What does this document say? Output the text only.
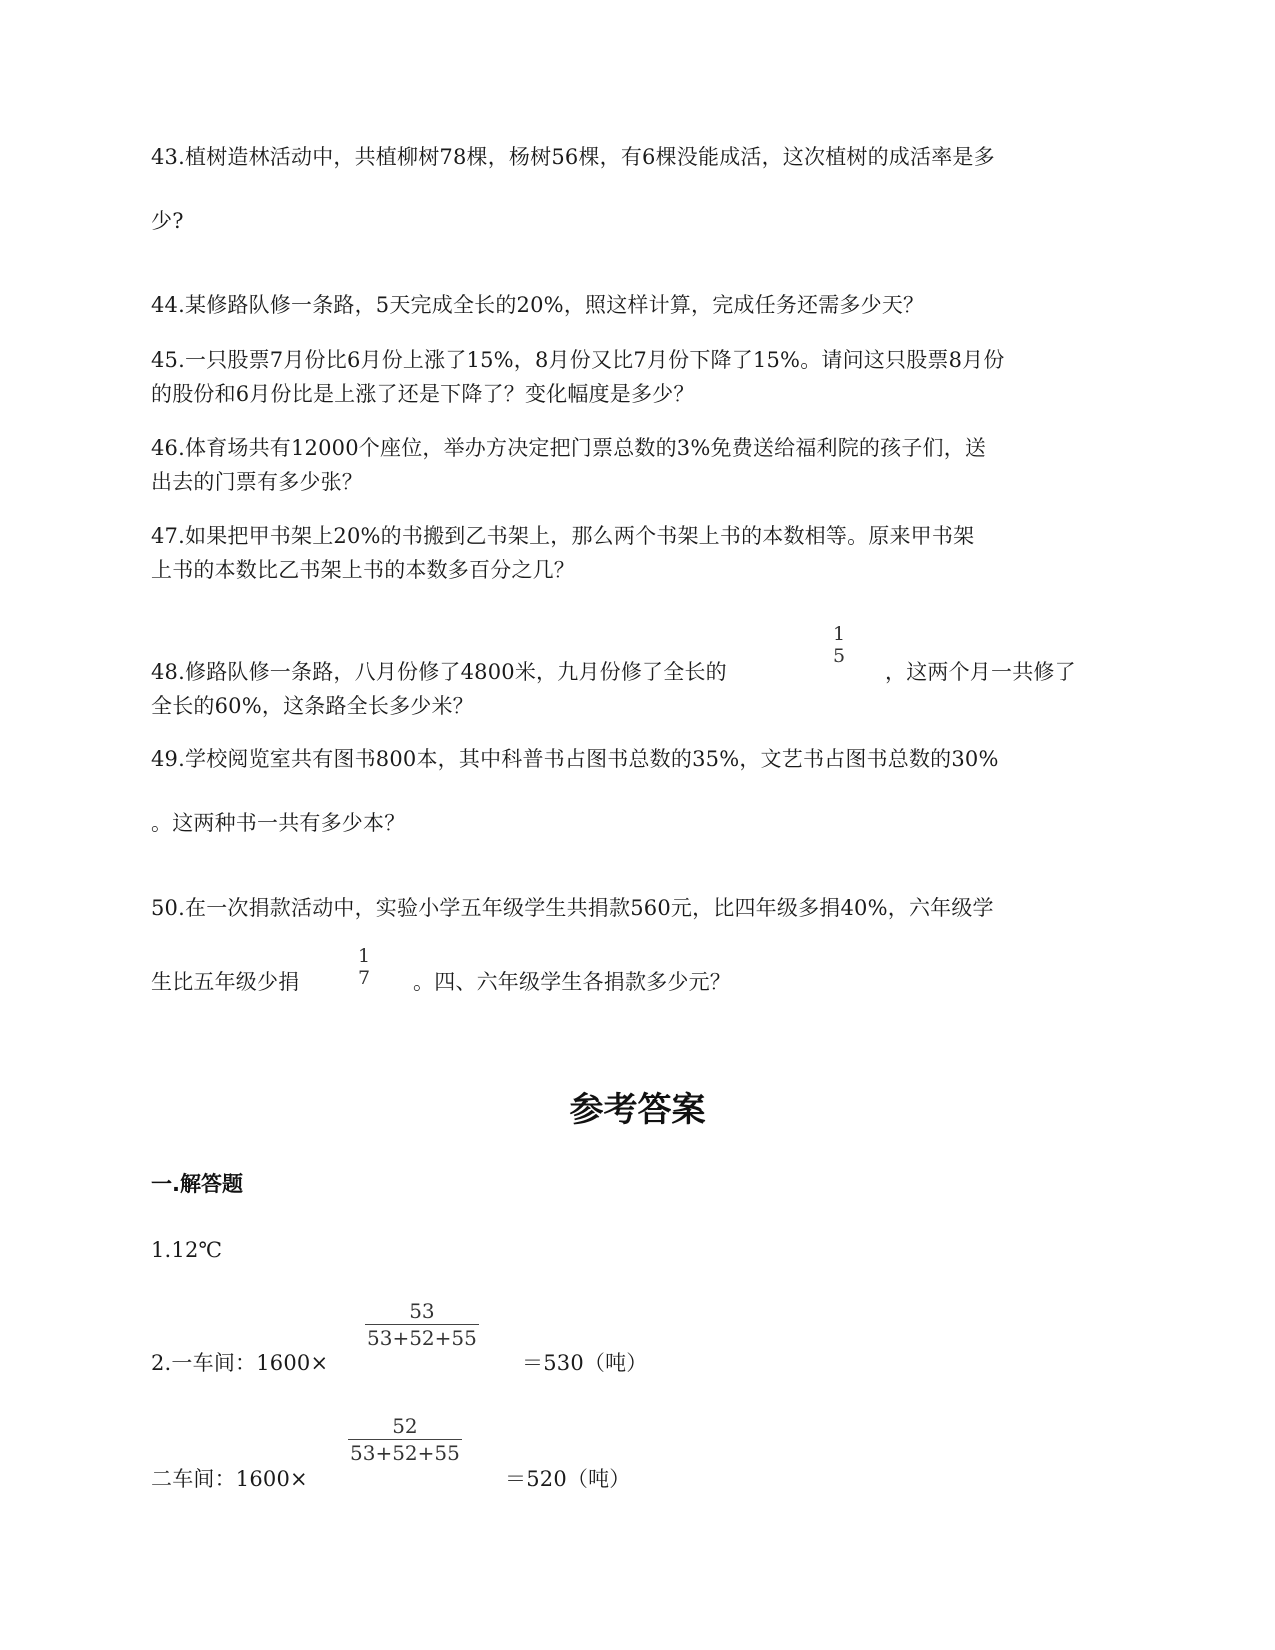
43.植树造林活动中，共植柳树78棵，杨树56棵，有6棵没能成活，这次植树的成活率是多
少?
44.某修路队修一条路，5天完成全长的20%，照这样计算，完成任务还需多少天？
45.一只股票7月份比6月份上涨了15%，8月份又比7月份下降了15%。请问这只股票8月份
的股份和6月份比是上涨了还是下降了？变化幅度是多少？
46.体育场共有12000个座位，举办方决定把门票总数的3%免费送给福利院的孩子们，送
出去的门票有多少张？
47.如果把甲书架上20%的书搬到乙书架上，那么两个书架上书的本数相等。原来甲书架
上书的本数比乙书架上书的本数多百分之几？
48.修路队修一条路，八月份修了4800米，九月份修了全长的
1
5
，这两个月一共修了
全长的60%，这条路全长多少米？
49.学校阅览室共有图书800本，其中科普书占图书总数的35%，文艺书占图书总数的30%
。这两种书一共有多少本？
50.在一次捐款活动中，实验小学五年级学生共捐款560元，比四年级多捐40%，六年级学
生比五年级少捐
1
7 。四、六年级学生各捐款多少元？
参考答案
一.解答题
1.12℃
2.一车间：1600×
53
53+52+55
＝530（吨）
二车间：1600×
52
53+52+55
＝520（吨）
